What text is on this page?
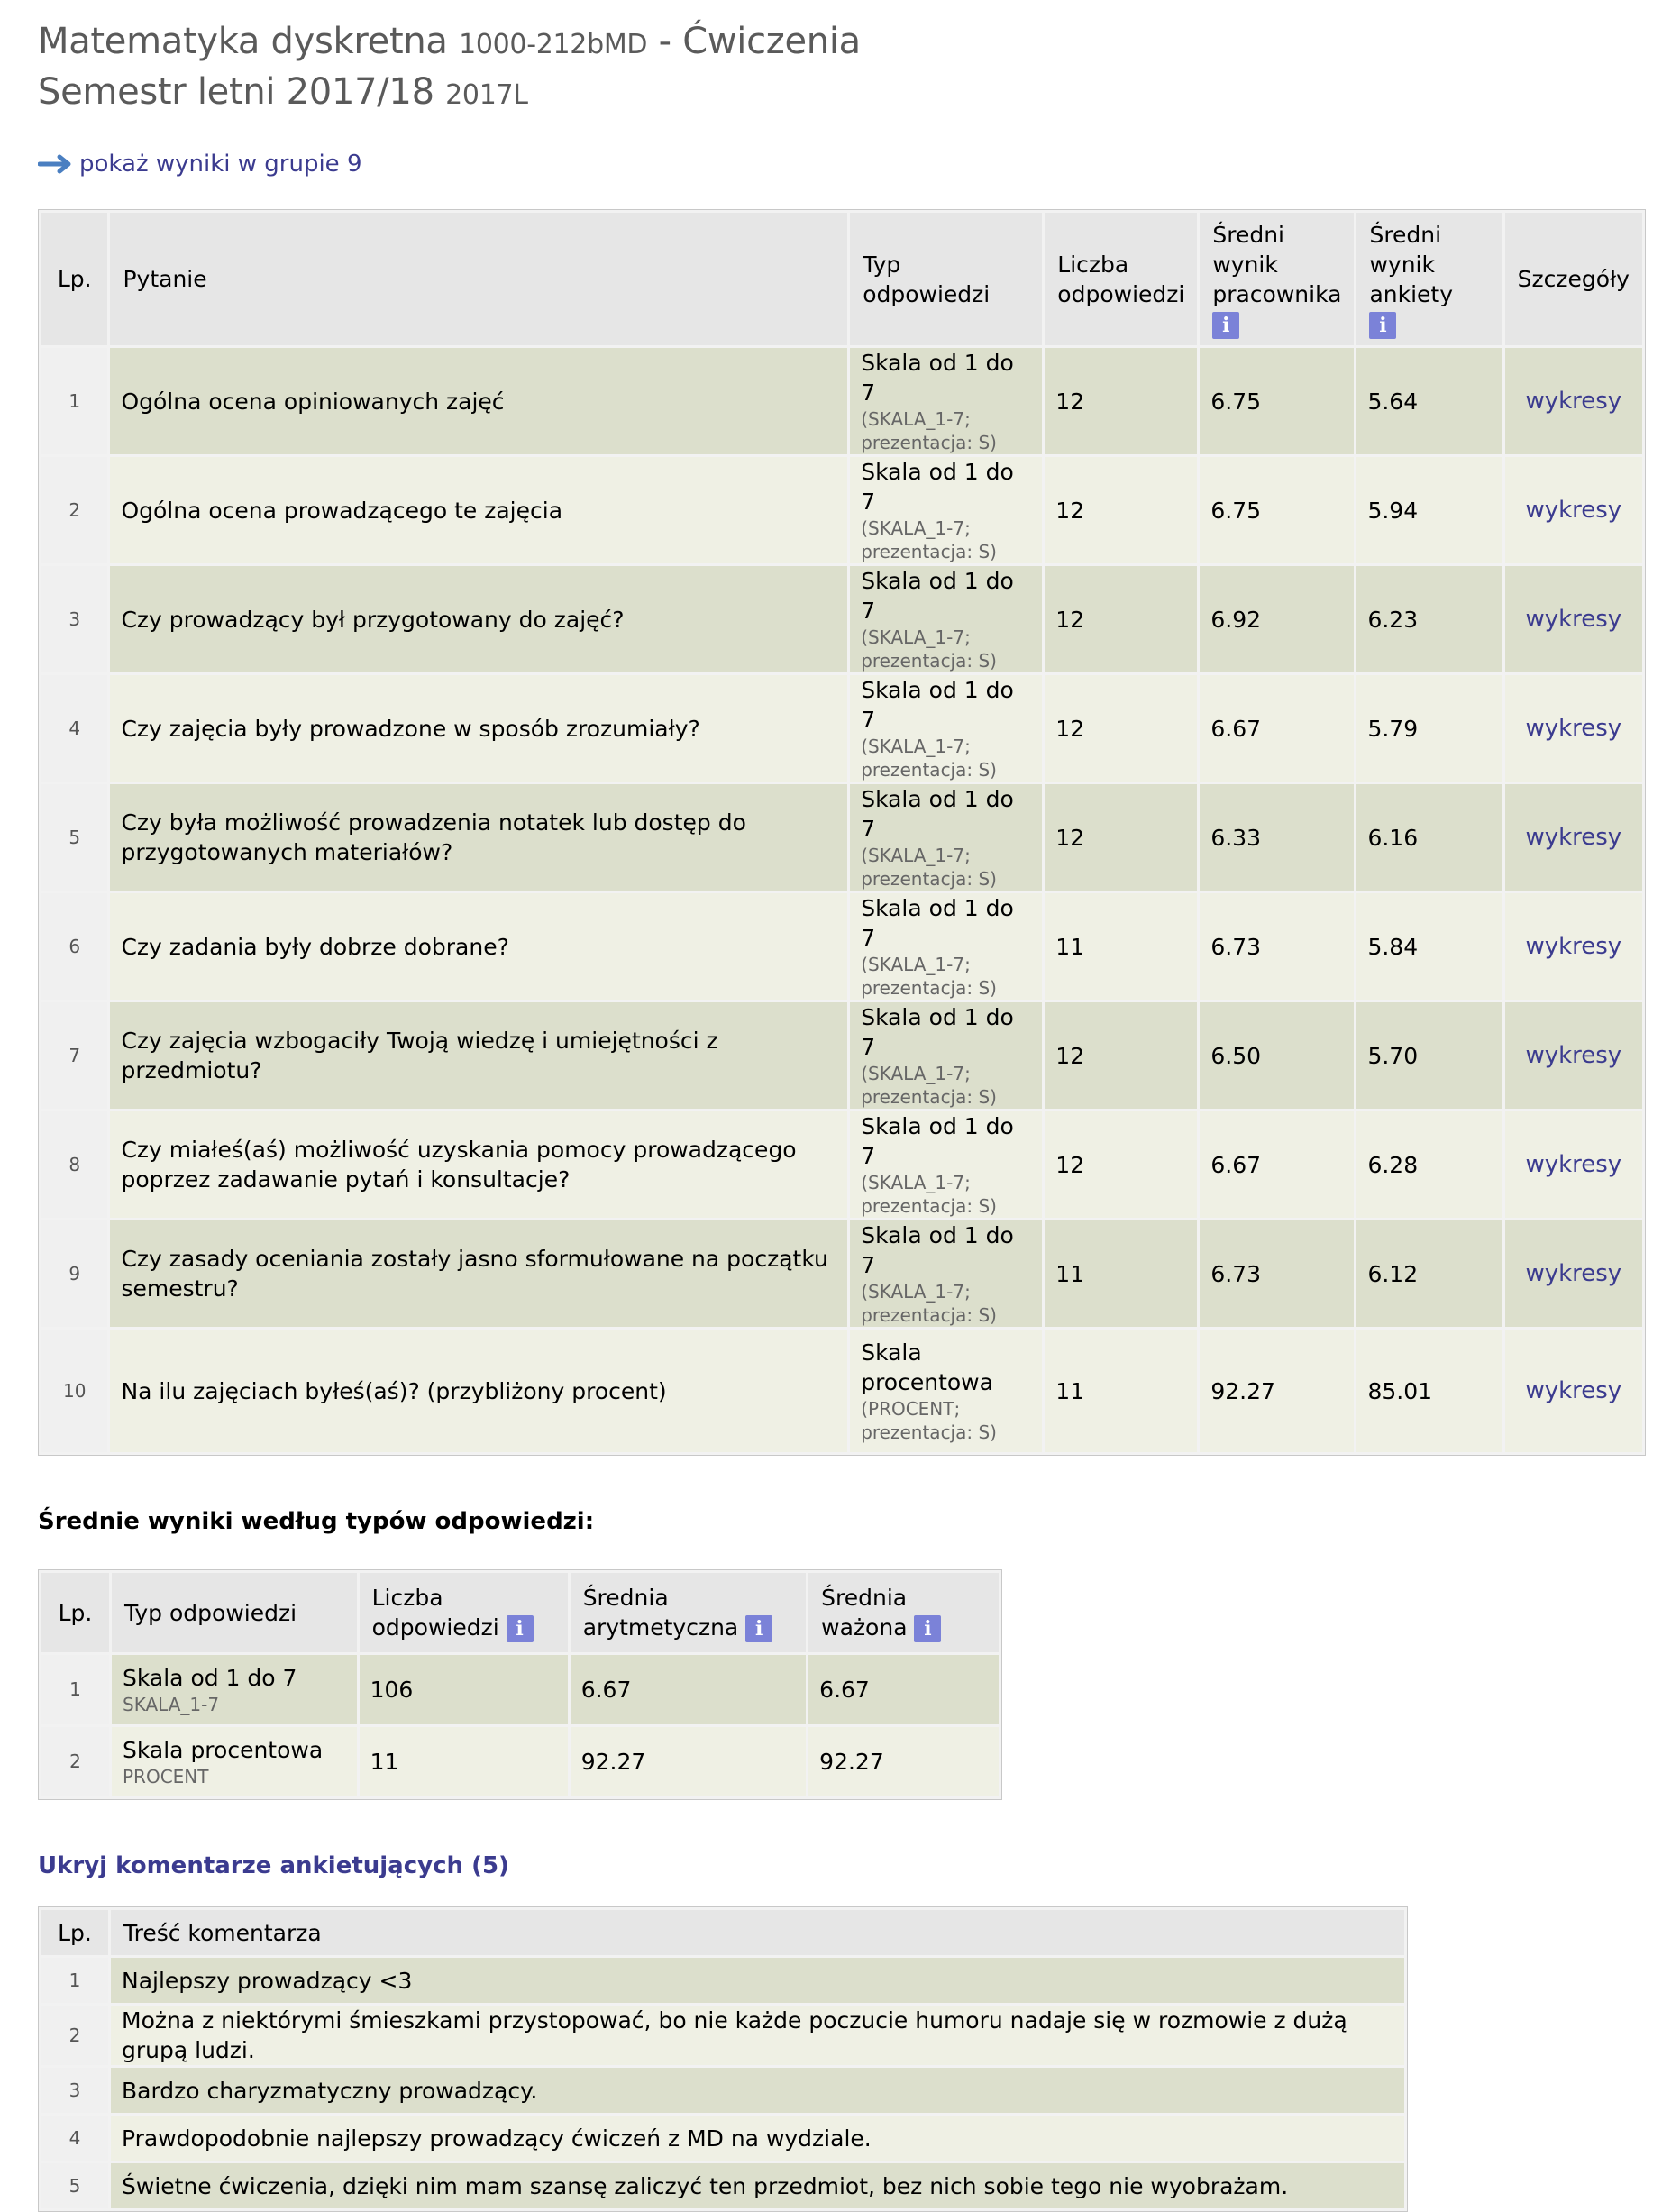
Matematyka dyskretna 1000-212bMD - Ćwiczenia
Semestr letni 2017/18 2017L
pokaż wyniki w grupie 9
Lp.	Pytanie	Typ odpowiedzi	Liczba
odpowiedzi	Średni
wynik
pracownika
i	Średni
wynik
ankiety
i	Szczegóły
1	Ogólna ocena opiniowanych zajęć	Skala od 1 do 7
(SKALA_1-7;
prezentacja: S)	12	6.75	5.64	wykresy
2	Ogólna ocena prowadzącego te zajęcia	Skala od 1 do 7
(SKALA_1-7;
prezentacja: S)	12	6.75	5.94	wykresy
3	Czy prowadzący był przygotowany do zajęć?	Skala od 1 do 7
(SKALA_1-7;
prezentacja: S)	12	6.92	6.23	wykresy
4	Czy zajęcia były prowadzone w sposób zrozumiały?	Skala od 1 do 7
(SKALA_1-7;
prezentacja: S)	12	6.67	5.79	wykresy
5	Czy była możliwość prowadzenia notatek lub dostęp do przygotowanych materiałów?	Skala od 1 do 7
(SKALA_1-7;
prezentacja: S)	12	6.33	6.16	wykresy
6	Czy zadania były dobrze dobrane?	Skala od 1 do 7
(SKALA_1-7;
prezentacja: S)	11	6.73	5.84	wykresy
7	Czy zajęcia wzbogaciły Twoją wiedzę i umiejętności z przedmiotu?	Skala od 1 do 7
(SKALA_1-7;
prezentacja: S)	12	6.50	5.70	wykresy
8	Czy miałeś(aś) możliwość uzyskania pomocy prowadzącego poprzez zadawanie pytań i konsultacje?	Skala od 1 do 7
(SKALA_1-7;
prezentacja: S)	12	6.67	6.28	wykresy
9	Czy zasady oceniania zostały jasno sformułowane na początku semestru?	Skala od 1 do 7
(SKALA_1-7;
prezentacja: S)	11	6.73	6.12	wykresy
10	Na ilu zajęciach byłeś(aś)? (przybliżony procent)	Skala procentowa
(PROCENT;
prezentacja: S)	11	92.27	85.01	wykresy
Średnie wyniki według typów odpowiedzi:
Lp.	Typ odpowiedzi	Liczba
odpowiedzi i	Średnia
arytmetyczna i	Średnia
ważona i
1	Skala od 1 do 7
SKALA_1-7	106	6.67	6.67
2	Skala procentowa
PROCENT	11	92.27	92.27
Ukryj komentarze ankietujących (5)
Lp.	Treść komentarza
1	Najlepszy prowadzący <3
2	Można z niektórymi śmieszkami przystopować, bo nie każde poczucie humoru nadaje się w rozmowie z dużą grupą ludzi.
3	Bardzo charyzmatyczny prowadzący.
4	Prawdopodobnie najlepszy prowadzący ćwiczeń z MD na wydziale.
5	Świetne ćwiczenia, dzięki nim mam szansę zaliczyć ten przedmiot, bez nich sobie tego nie wyobrażam.
